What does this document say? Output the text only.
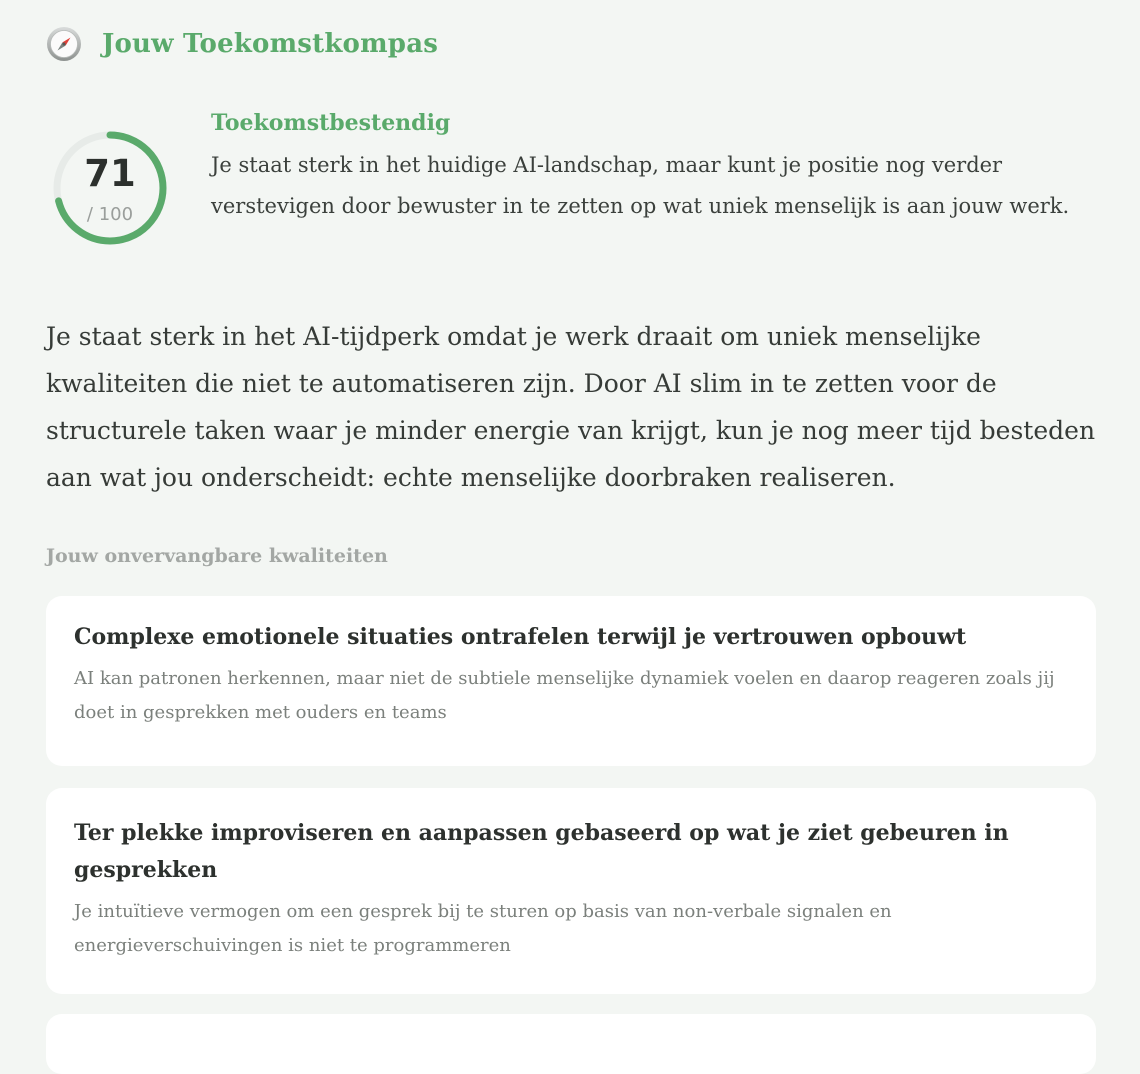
Jouw Toekomstkompas
71
/ 100
Toekomstbestendig
Je staat sterk in het huidige AI-landschap, maar kunt je positie nog verder verstevigen door bewuster in te zetten op wat uniek menselijk is aan jouw werk.
Je staat sterk in het AI-tijdperk omdat je werk draait om uniek menselijke kwaliteiten die niet te automatiseren zijn. Door AI slim in te zetten voor de structurele taken waar je minder energie van krijgt, kun je nog meer tijd besteden aan wat jou onderscheidt: echte menselijke doorbraken realiseren.
Jouw onvervangbare kwaliteiten
Complexe emotionele situaties ontrafelen terwijl je vertrouwen opbouwt
AI kan patronen herkennen, maar niet de subtiele menselijke dynamiek voelen en daarop reageren zoals jij doet in gesprekken met ouders en teams
Ter plekke improviseren en aanpassen gebaseerd op wat je ziet gebeuren in gesprekken
Je intuïtieve vermogen om een gesprek bij te sturen op basis van non-verbale signalen en energieverschuivingen is niet te programmeren
